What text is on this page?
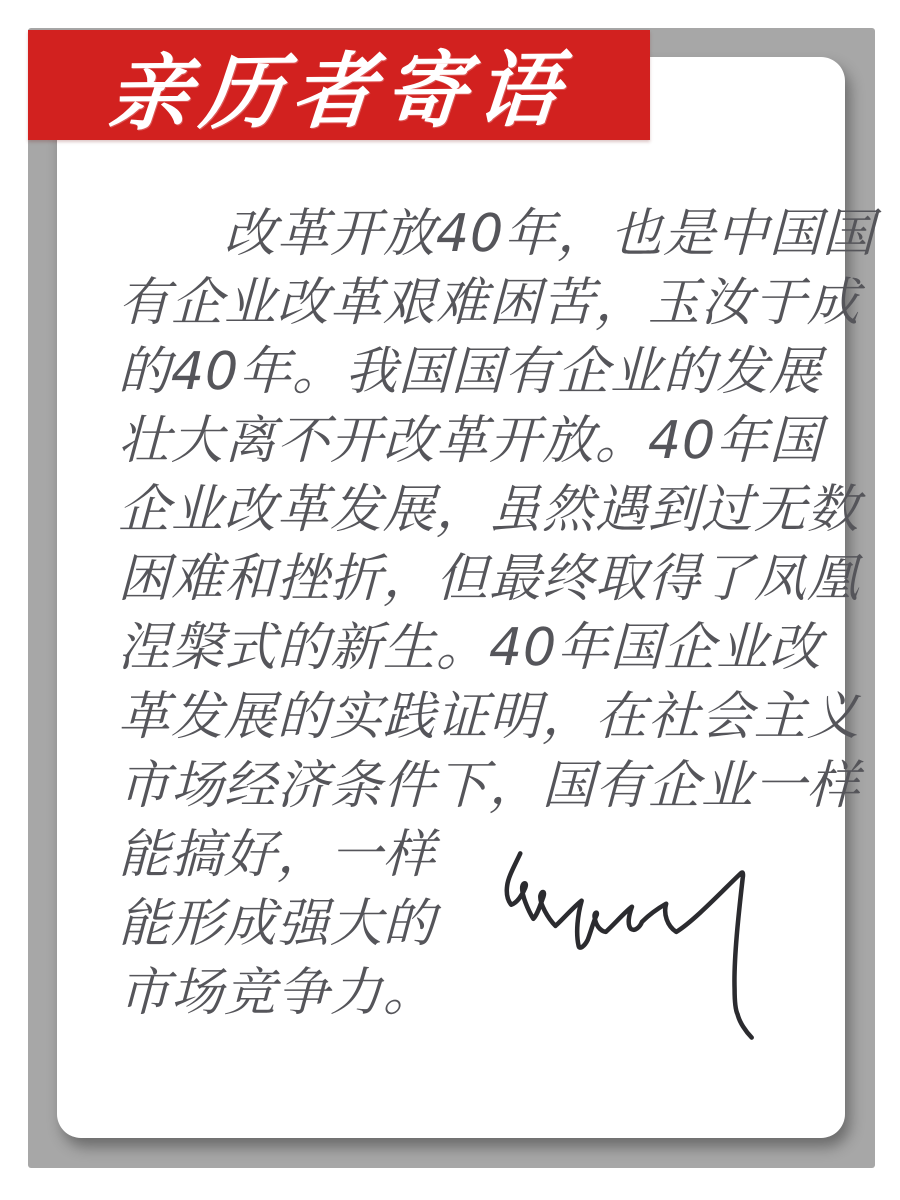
亲历者寄语
改革开放40年，也是中国国
有企业改革艰难困苦，玉汝于成
的40年。我国国有企业的发展
壮大离不开改革开放。40年国
企业改革发展，虽然遇到过无数
困难和挫折，但最终取得了凤凰
涅槃式的新生。40年国企业改
革发展的实践证明，在社会主义
市场经济条件下，国有企业一样
能搞好，一样
能形成强大的
市场竞争力。
